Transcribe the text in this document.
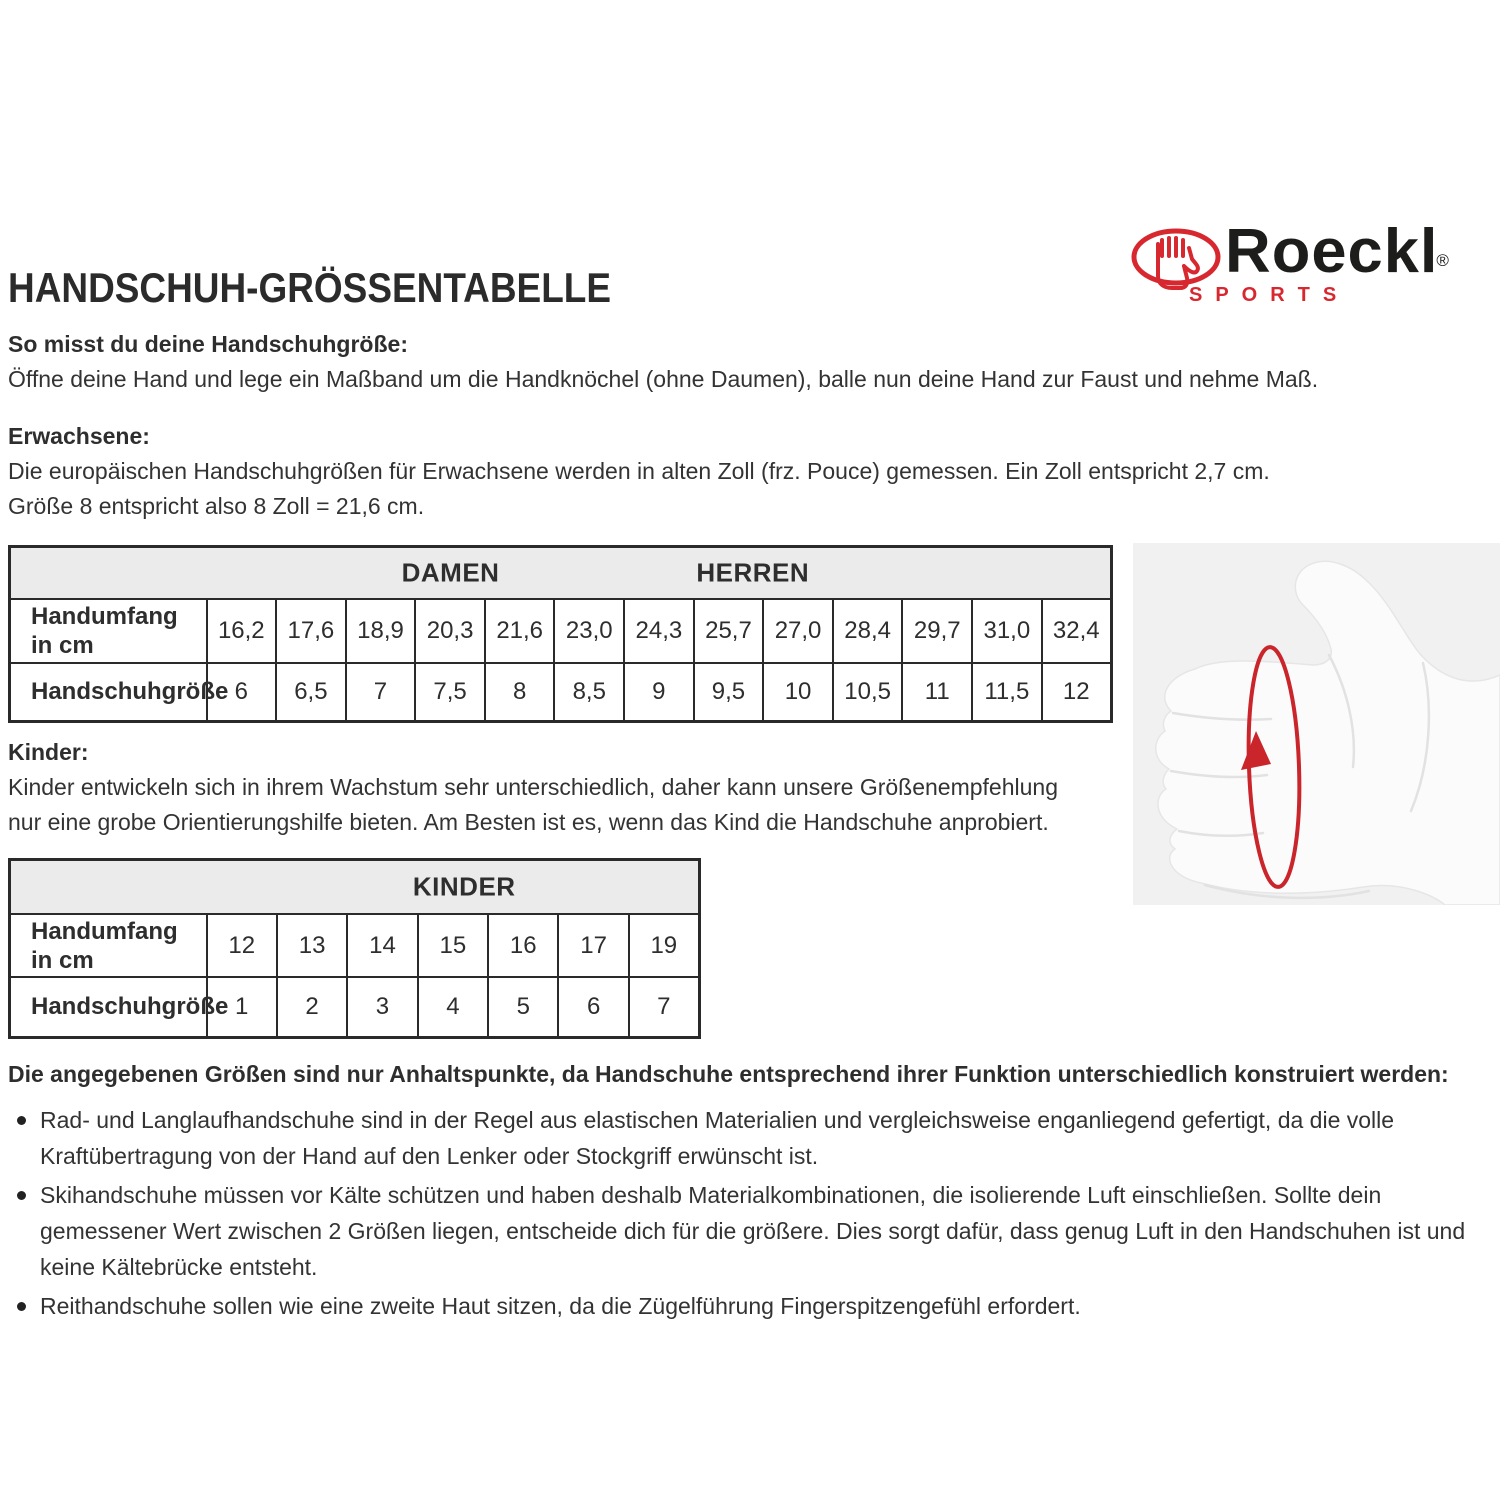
HANDSCHUH-GRÖSSENTABELLE
Roeckl®
SPORTS
So misst du deine Handschuhgröße:

Öffne deine Hand und lege ein Maßband um die Handknöchel (ohne Daumen), balle nun deine Hand zur Faust und nehme Maß.

Erwachsene:

Die europäischen Handschuhgrößen für Erwachsene werden in alten Zoll (frz. Pouce) gemessen. Ein Zoll entspricht 2,7 cm.

Größe 8 entspricht also 8 Zoll = 21,6 cm.

DAMEN HERREN													

Handumfang
in cm	16,2	17,6	18,9	20,3	21,6	23,0	24,3	25,7	27,0	28,4	29,7	31,0	32,4
Handschuhgröße	6	6,5	7	7,5	8	8,5	9	9,5	10	10,5	11	11,5	12
Kinder:

Kinder entwickeln sich in ihrem Wachstum sehr unterschiedlich, daher kann unsere Größenempfehlung nur eine grobe Orientierungshilfe bieten. Am Besten ist es, wenn das Kind die Handschuhe anprobiert.

KINDER							

Handumfang
in cm	12	13	14	15	16	17	19
Handschuhgröße	1	2	3	4	5	6	7
Die angegebenen Größen sind nur Anhaltspunkte, da Handschuhe entsprechend ihrer Funktion unterschiedlich konstruiert werden:
Rad- und Langlaufhandschuhe sind in der Regel aus elastischen Materialien und vergleichsweise enganliegend gefertigt, da die volle Kraftübertragung von der Hand auf den Lenker oder Stockgriff erwünscht ist.
Skihandschuhe müssen vor Kälte schützen und haben deshalb Materialkombinationen, die isolierende Luft einschließen. Sollte dein gemessener Wert zwischen 2 Größen liegen, entscheide dich für die größere. Dies sorgt dafür, dass genug Luft in den Handschuhen ist und keine Kältebrücke entsteht.
Reithandschuhe sollen wie eine zweite Haut sitzen, da die Zügelführung Fingerspitzengefühl erfordert.
